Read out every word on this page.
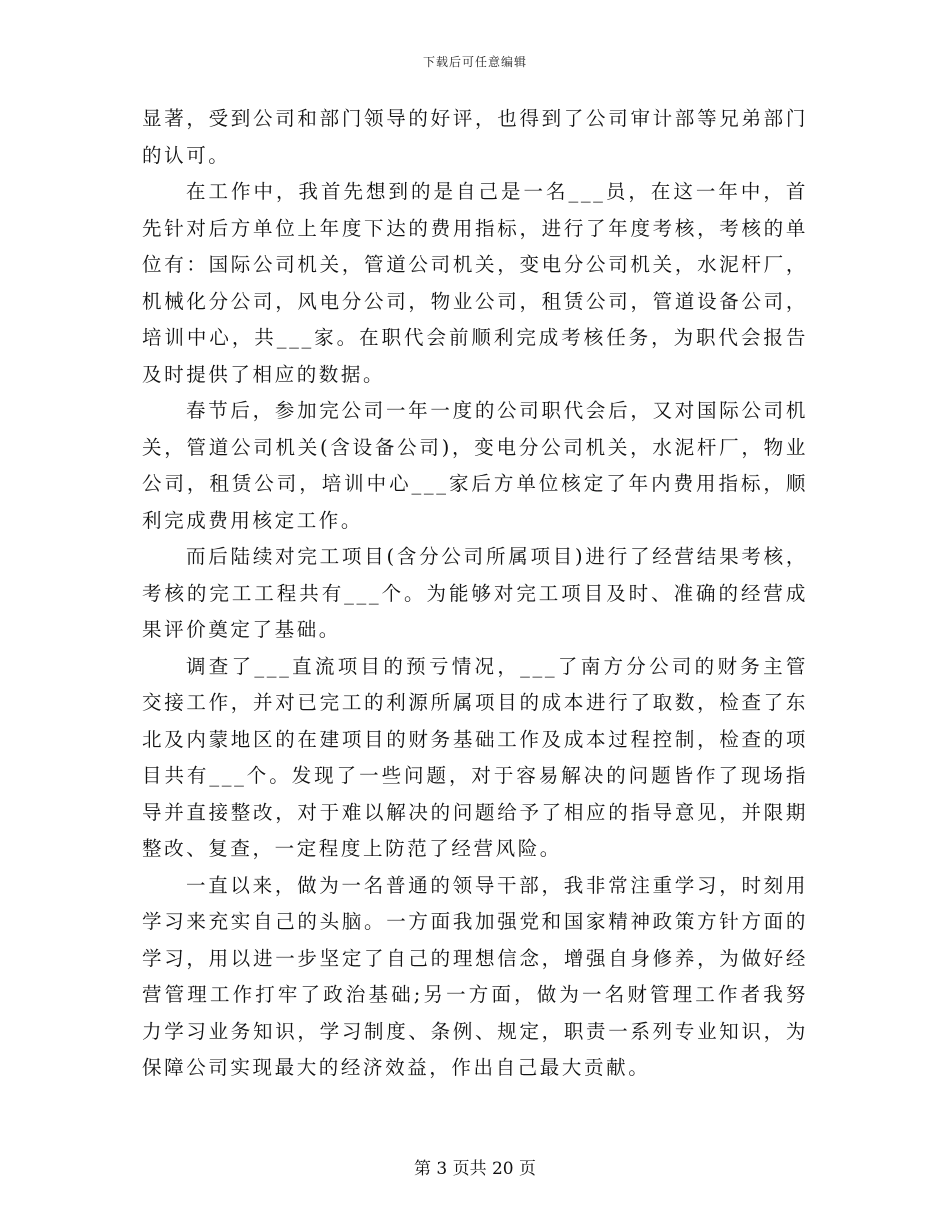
下载后可任意编辑

显著，受到公司和部门领导的好评，也得到了公司审计部等兄弟部门的认可。

在工作中，我首先想到的是自己是一名___员，在这一年中，首先针对后方单位上年度下达的费用指标，进行了年度考核，考核的单位有：国际公司机关，管道公司机关，变电分公司机关，水泥杆厂，机械化分公司，风电分公司，物业公司，租赁公司，管道设备公司，培训中心，共___家。在职代会前顺利完成考核任务，为职代会报告及时提供了相应的数据。

春节后，参加完公司一年一度的公司职代会后，又对国际公司机关，管道公司机关(含设备公司)，变电分公司机关，水泥杆厂，物业公司，租赁公司，培训中心___家后方单位核定了年内费用指标，顺利完成费用核定工作。

而后陆续对完工项目(含分公司所属项目)进行了经营结果考核，考核的完工工程共有___个。为能够对完工项目及时、准确的经营成果评价奠定了基础。

调查了___直流项目的预亏情况，___了南方分公司的财务主管交接工作，并对已完工的利源所属项目的成本进行了取数，检查了东北及内蒙地区的在建项目的财务基础工作及成本过程控制，检查的项目共有___个。发现了一些问题，对于容易解决的问题皆作了现场指导并直接整改，对于难以解决的问题给予了相应的指导意见，并限期整改、复查，一定程度上防范了经营风险。

一直以来，做为一名普通的领导干部，我非常注重学习，时刻用学习来充实自己的头脑。一方面我加强党和国家精神政策方针方面的学习，用以进一步坚定了自己的理想信念，增强自身修养，为做好经营管理工作打牢了政治基础;另一方面，做为一名财管理工作者我努力学习业务知识，学习制度、条例、规定，职责一系列专业知识，为保障公司实现最大的经济效益，作出自己最大贡献。

第 3 页共 20 页
